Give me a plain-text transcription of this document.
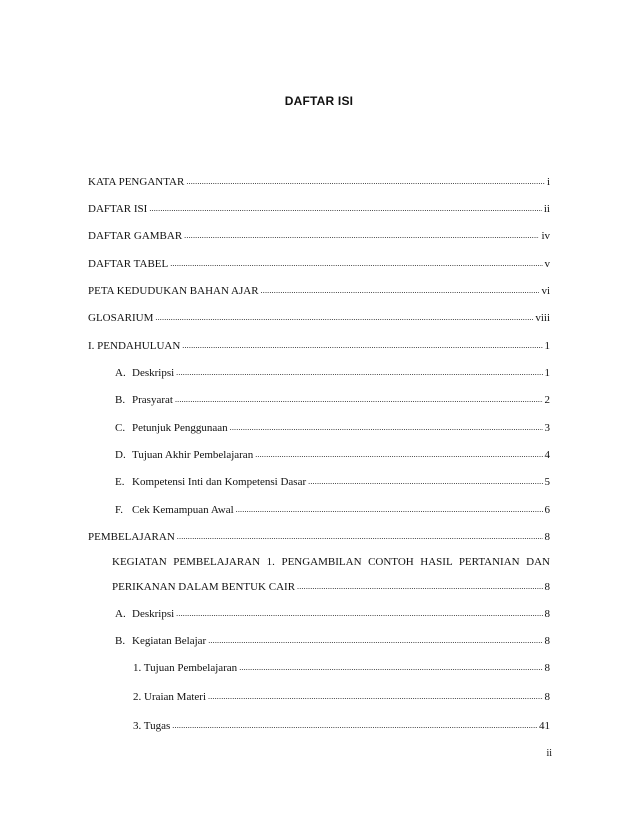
DAFTAR ISI
KATA PENGANTAR .....	i
DAFTAR ISI .....	ii
DAFTAR GAMBAR .....	iv
DAFTAR TABEL .....	v
PETA KEDUDUKAN BAHAN AJAR .....	vi
GLOSARIUM .....	viii
I. PENDAHULUAN .....	1
A. Deskripsi .....	1
B. Prasyarat .....	2
C. Petunjuk Penggunaan .....	3
D. Tujuan Akhir Pembelajaran .....	4
E. Kompetensi Inti dan Kompetensi Dasar .....	5
F. Cek Kemampuan Awal .....	6
PEMBELAJARAN .....	8
KEGIATAN PEMBELAJARAN 1. PENGAMBILAN CONTOH HASIL PERTANIAN DAN
PERIKANAN DALAM BENTUK CAIR .....	8
A. Deskripsi .....	8
B. Kegiatan Belajar .....	8
1. Tujuan Pembelajaran .....	8
2. Uraian Materi .....	8
3. Tugas .....	41
ii
